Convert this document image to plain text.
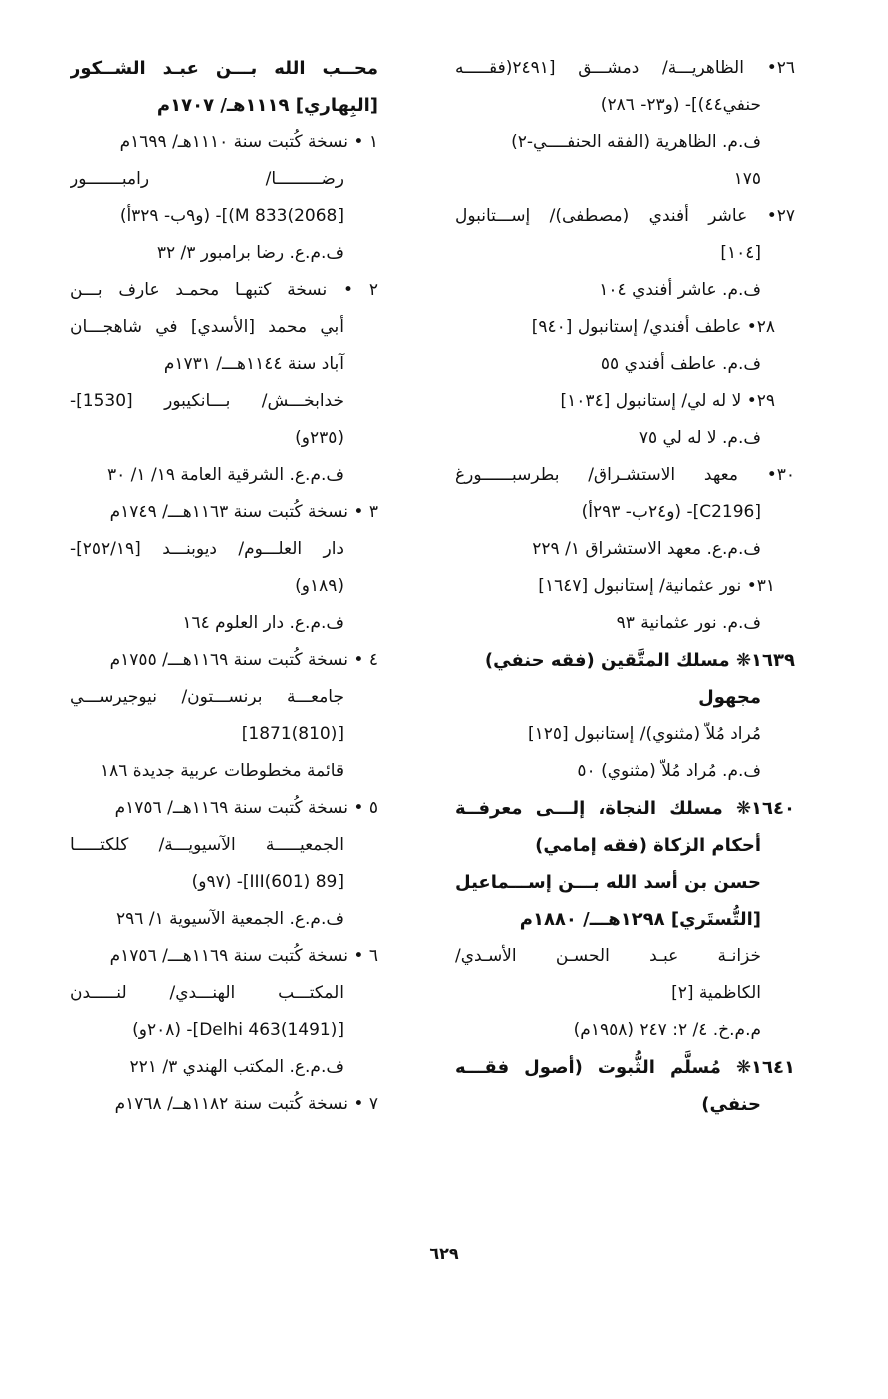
٢٦• الظاهريـــة/ دمشـــق [٢٤٩١(فقـــــه
حنفي٤٤)]- (و٢٣- ٢٨٦)
ف.م. الظاهرية (الفقه الحنفــــي-٢)
١٧٥
٢٧• عاشر أفندي (مصطفى)/ إســـتانبول
[١٠٤]
ف.م. عاشر أفندي ١٠٤
٢٨• عاطف أفندي/ إستانبول [٩٤٠]
ف.م. عاطف أفندي ٥٥
٢٩• لا له لي/ إستانبول [١٠٣٤]
ف.م. لا له لي ٧٥
٣٠• معهد الاستشـراق/ بطرسبــــــورغ
[C2196]- (و٢٤ب- ٢٩٣أ)
ف.م.ع. معهد الاستشراق ١/ ٢٢٩
٣١• نور عثمانية/ إستانبول [١٦٤٧]
ف.م. نور عثمانية ٩٣
١٦٣٩❋ مسلك المتَّقين (فقه حنفي)
مجهول
مُراد مُلاّ (مثنوي)/ إستانبول [١٢٥]
ف.م. مُراد مُلاّ (مثنوي) ٥٠
١٦٤٠❋ مسلك النجاة، إلـــى معرفــة
أحكام الزكاة (فقه إمامي)
حسن بن أسد الله بـــن إســـماعيل
[التُّستَري] ١٢٩٨هـــ/ ١٨٨٠م
خزانـة عبـد الحسـن الأسـدي/
الكاظمية [٢]
م.م.خ. ٤/ ٢: ٢٤٧ (١٩٥٨م)
١٦٤١❋ مُسلَّم الثُّبوت (أصول فقـــه
حنفي)
محــب الله بـــن عبـد الشــكور
[البِهاري] ١١١٩هـ/ ١٧٠٧م
١ • نسخة كُتبت سنة ١١١٠هـ/ ١٦٩٩م
رضـــــــــا/ رامبـــــــور
[2068)833 M)]- (و٩ب- ٣٢٩أ)
ف.م.ع. رضا برامبور ٣/ ٣٢
٢ • نسخة كتبهـا محمـد عارف بـــن
أبي محمد [الأسدي] في شاهجـــان
آباد سنة ١١٤٤هـــ/ ١٧٣١م
خدابخـــش/ بـــانكيبور [1530]-
(٢٣٥و)
ف.م.ع. الشرقية العامة ١٩/ ١/ ٣٠
٣ • نسخة كُتبت سنة ١١٦٣هـــ/ ١٧٤٩م
دار العلـــوم/ ديوبنـــد [٢٥٢/١٩]-
(١٨٩و)
ف.م.ع. دار العلوم ١٦٤
٤ • نسخة كُتبت سنة ١١٦٩هـــ/ ١٧٥٥م
جامعـــة برنســـتون/ نيوجيرســـي
[(810)1871]
قائمة مخطوطات عربية جديدة ١٨٦
٥ • نسخة كُتبت سنة ١١٦٩هــ/ ١٧٥٦م
الجمعيـــــة الآسيويـــة/ كلكتـــــا
[89 III(601)]- (٩٧و)
ف.م.ع. الجمعية الآسيوية ١/ ٢٩٦
٦ • نسخة كُتبت سنة ١١٦٩هـــ/ ١٧٥٦م
المكتـــب الهنـــدي/ لنـــــدن
[Delhi 463(1491)]- (٢٠٨و)
ف.م.ع. المكتب الهندي ٣/ ٢٢١
٧ • نسخة كُتبت سنة ١١٨٢هــ/ ١٧٦٨م
٦٢٩
